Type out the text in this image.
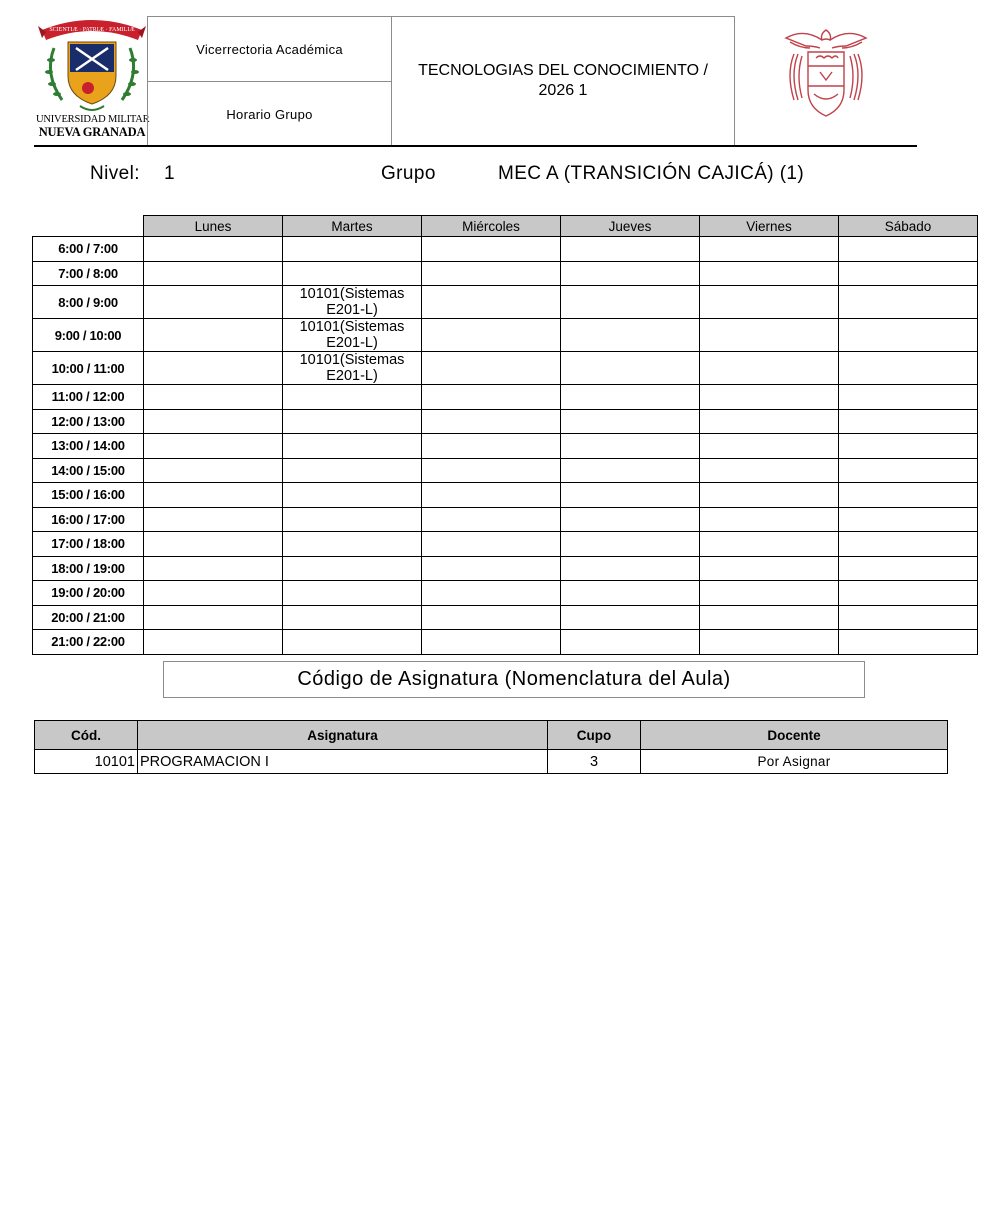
SCIENTIÆ · PATRIÆ · FAMILIÆ
UNIVERSIDAD MILITAR
NUEVA GRANADA
Vicerrectoria Académica
Horario Grupo
TECNOLOGIAS DEL CONOCIMIENTO /
2026 1
Nivel: 1	Grupo	MEC A (TRANSICIÓN CAJICÁ) (1)
	Lunes	Martes	Miércoles	Jueves	Viernes	Sábado
6:00 / 7:00						
7:00 / 8:00						
8:00 / 9:00		10101(Sistemas
E201-L)				

9:00 / 10:00		10101(Sistemas
E201-L)				

10:00 / 11:00		10101(Sistemas
E201-L)				

11:00 / 12:00						
12:00 / 13:00						
13:00 / 14:00						
14:00 / 15:00						
15:00 / 16:00						
16:00 / 17:00						
17:00 / 18:00						
18:00 / 19:00						
19:00 / 20:00						
20:00 / 21:00						
21:00 / 22:00						
Código de Asignatura (Nomenclatura del Aula)
Cód.	Asignatura	Cupo	Docente
10101	PROGRAMACION I	3	Por Asignar
